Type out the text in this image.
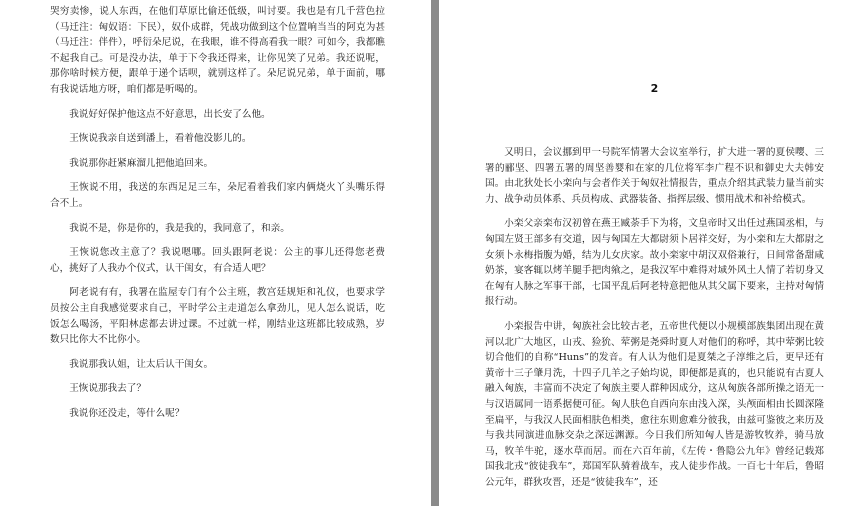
哭穷卖惨，说人东西，在他们草原比偷还低级，叫讨要。我也是有几千营色拉（马迁注：匈奴语：下民），奴仆成群，凭战功做到这个位置响当当的阿克为甚（马迁注：伴件），呼衍朵尼说，在我眼，谁不得高看我一眼？可如今，我都瞧不起我自己。可是没办法，单于下令我还得来，让你见笑了兄弟。我还说呢，那你啥时候方便，跟单于递个话呗，就别这样了。朵尼说兄弟，单于面前，哪有我说话地方呀，咱们都是听喝的。

我说好好保护他这点不好意思，出长安了么他。

王恢说我亲自送到潘上，看着他没影儿的。

我说那你赶紧麻溜儿把他追回来。

王恢说不用，我送的东西足足三车，朵尼看着我们家内俩烧火丫头嘴乐得合不上。

我说不是，你是你的，我是我的，我同意了，和亲。

王恢说您改主意了？我说嗯哪。回头跟阿老说：公主的事儿还得您老费心，挑好了人我办个仪式，认干闺女，有合适人吧？

阿老说有有，我署在监屋专门有个公主班，教宫廷规矩和礼仪，也要求学员按公主自我感觉要求自己，平时学公主走道怎么拿劲儿，见人怎么说话，吃饭怎么喝汤，平阳林虑都去讲过课。不过就一样，刚结业这班都比较成熟，岁数只比你大不比你小。

我说那我认姐，让太后认干闺女。

王恢说那我去了？

我说你还没走，等什么呢？

2

又明日，会议挪到甲一号院军情署大会议室举行，扩大进一署的夏侯嘤、三署的郦坚、四署五署的周坚善婴和在家的几位将军李广程不识和御史大夫韩安国。由北狄处长小栾向与会者作关于匈奴社情报告，重点介绍其武装力量当前实力、战争动员体系、兵员构成、武器装备、指挥层级、惯用战术和补给模式。

小栾父亲栾布汉初曾在燕王臧荼手下为将，文皇帝时又出任过燕国丞相，与匈国左贤王部多有交道，因与匈国左大都尉须卜居祥交好，为小栾和左大都尉之女须卜永梅指腹为婚，结为儿女庆家。故小栾家中胡汉双俗兼行，日间常备甜咸奶茶，宴客辄以烤羊腿手把肉飨之，是我汉军中难得对域外风土人情了若切身又在匈有人脉之军事干部，七国平乱后阿老特意把他从其父属下要来，主持对匈情报行动。

小栾报告中讲，匈族社会比较古老，五帝世代便以小规模部族集团出现在黄河以北广大地区，山戎、猃狁、荤粥是尧舜时夏人对他们的称呼，其中荤粥比较切合他们的自称“Huns”的发音。有人认为他们是夏桀之子淳维之后，更早还有黄帝十三子肇月洗，十四子几羊之子始均说，即便都是真的，也只能说有古夏人融入匈族，丰富而不决定了匈族主要人群种因成分，这从匈族各部所操之语无一与汉语属同一语系据便可征。匈人肤色自西向东由浅入深，头颅面相由长圆深隆至扁平，与我汉人民面相肤色相类，愈往东则愈难分彼我，由兹可鉴彼之来历及与我共同演进血脉交杂之深远渊源。今日我们所知匈人皆是游牧牧养，骑马放马，牧羊牛驼，逐水草而居。而在六百年前，《左传・鲁隐公九年》曾经记载郑国我北戎“彼徒我车”，郑国军队骑着战车，戎人徒步作战。一百七十年后，鲁昭公元年，群狄攻晋，还是“彼徒我车”，还
